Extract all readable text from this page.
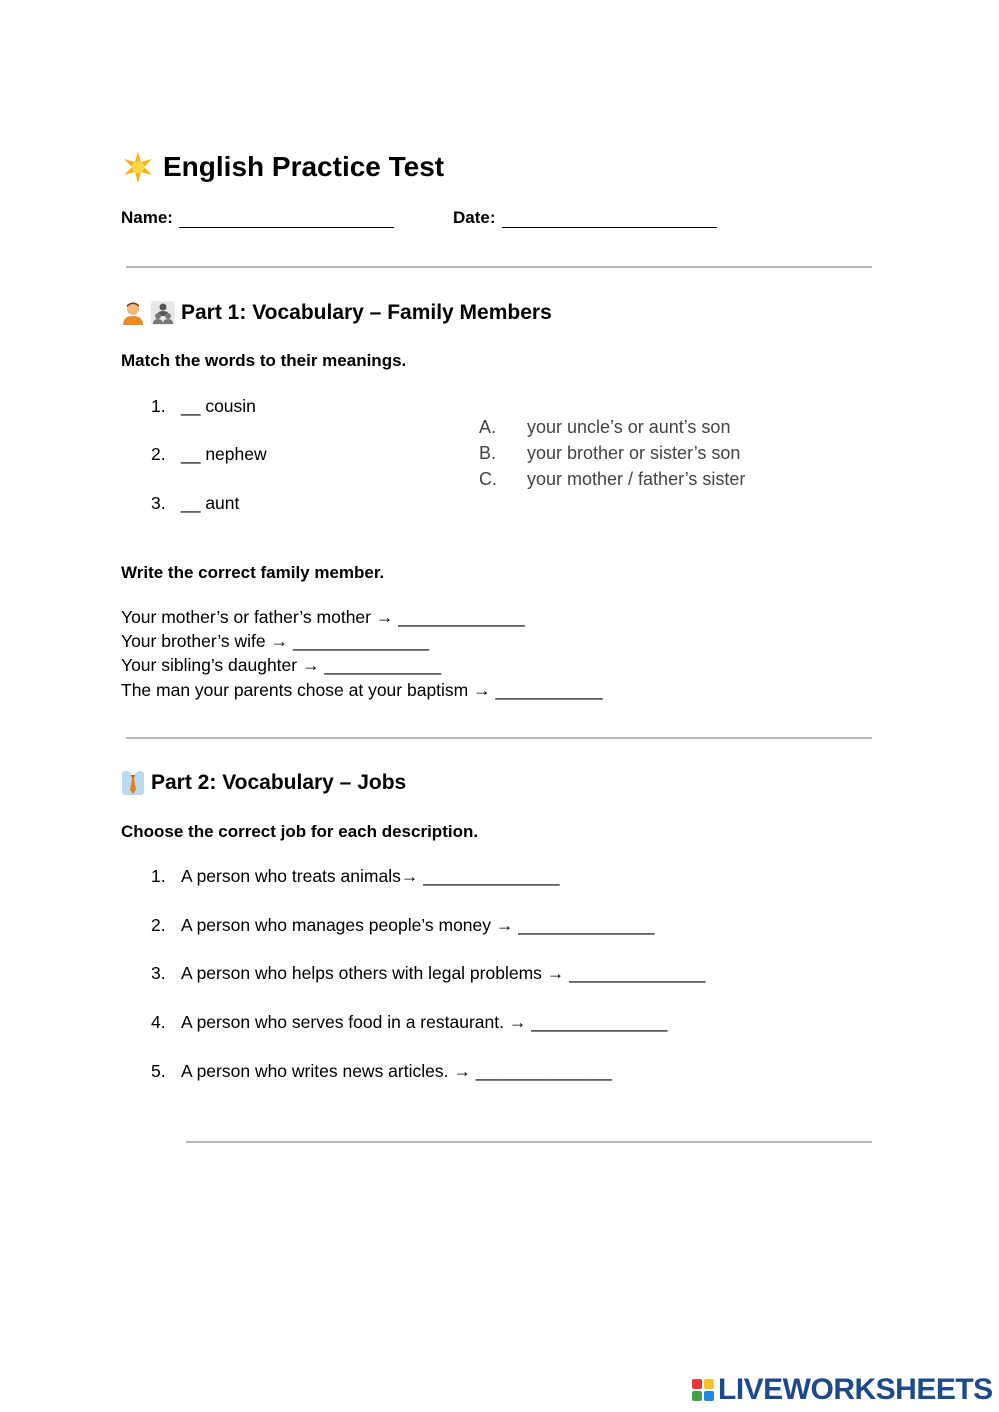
English Practice Test
Name:	Date:
Part 1: Vocabulary – Family Members
Match the words to their meanings.
1. __ cousin
2. __ nephew
3. __ aunt
A. your uncle’s or aunt’s son
B. your brother or sister’s son
C. your mother / father’s sister
Write the correct family member.
Your mother’s or father’s mother → _____________
Your brother’s wife → ______________
Your sibling’s daughter → ____________
The man your parents chose at your baptism → ___________
Part 2: Vocabulary – Jobs
Choose the correct job for each description.
1. A person who treats animals→ ______________
2. A person who manages people’s money → ______________
3. A person who helps others with legal problems → ______________
4. A person who serves food in a restaurant. → ______________
5. A person who writes news articles. → ______________
LIVEWORKSHEETS
